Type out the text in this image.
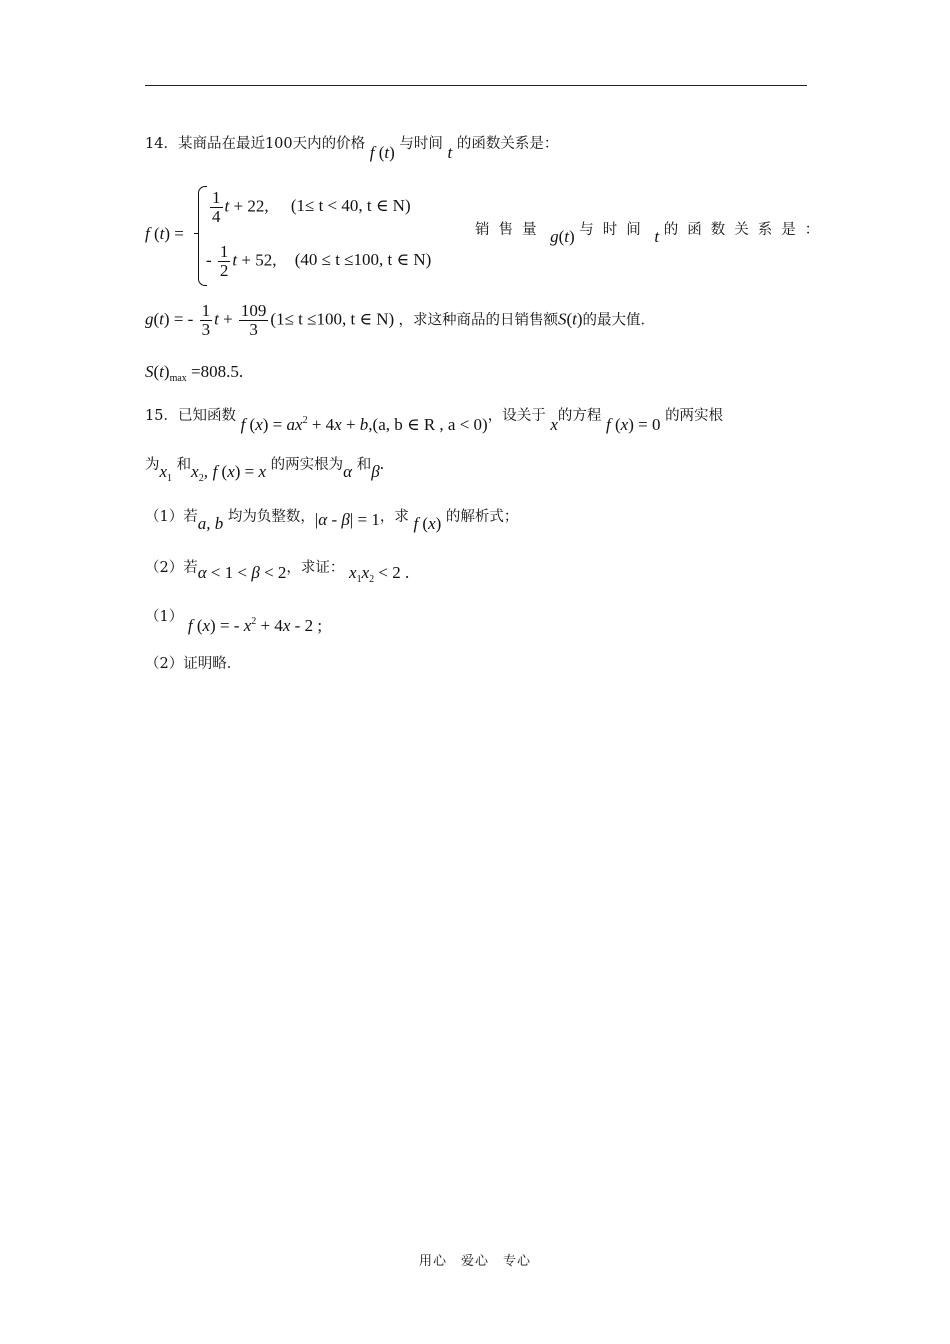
14．某商品在最近100天内的价格 f (t) 与时间 t 的函数关系是：
f (t) =
$\frac{1}{4}$ t + 22, (1≤ t < 40, t ∈ N)
- $\frac{1}{2}$ t + 52, (40 ≤ t ≤100, t ∈ N)
销售量 g(t) 与时间 t 的函数关系是：
g(t) = - $\frac{1}{3}$ $t + \frac{109}{3} (1\le t \le 100$, t ∈ N) ，求这种商品的日销售额S(t)的最大值．
$S(t)_{max} =808.5$.
15．已知函数 f $(x) = ax^2 + 4x + b,(a$, b ∈ R , a < 0)，设关于 x的方程 f (x) = 0 的两实根
为$x_1$ 和$x_2$, f (x) = x 的两实根为α 和β.
（1）若a, b 均为负整数，|α - β| = 1，求 f (x) 的解析式；
（2）若α < 1 < β < 2，求证： $x_1x_2 < 2$ .
（1） f (x) = - $x^2 + 4x - 2$ ;
（2）证明略．
用心　爱心　专心
